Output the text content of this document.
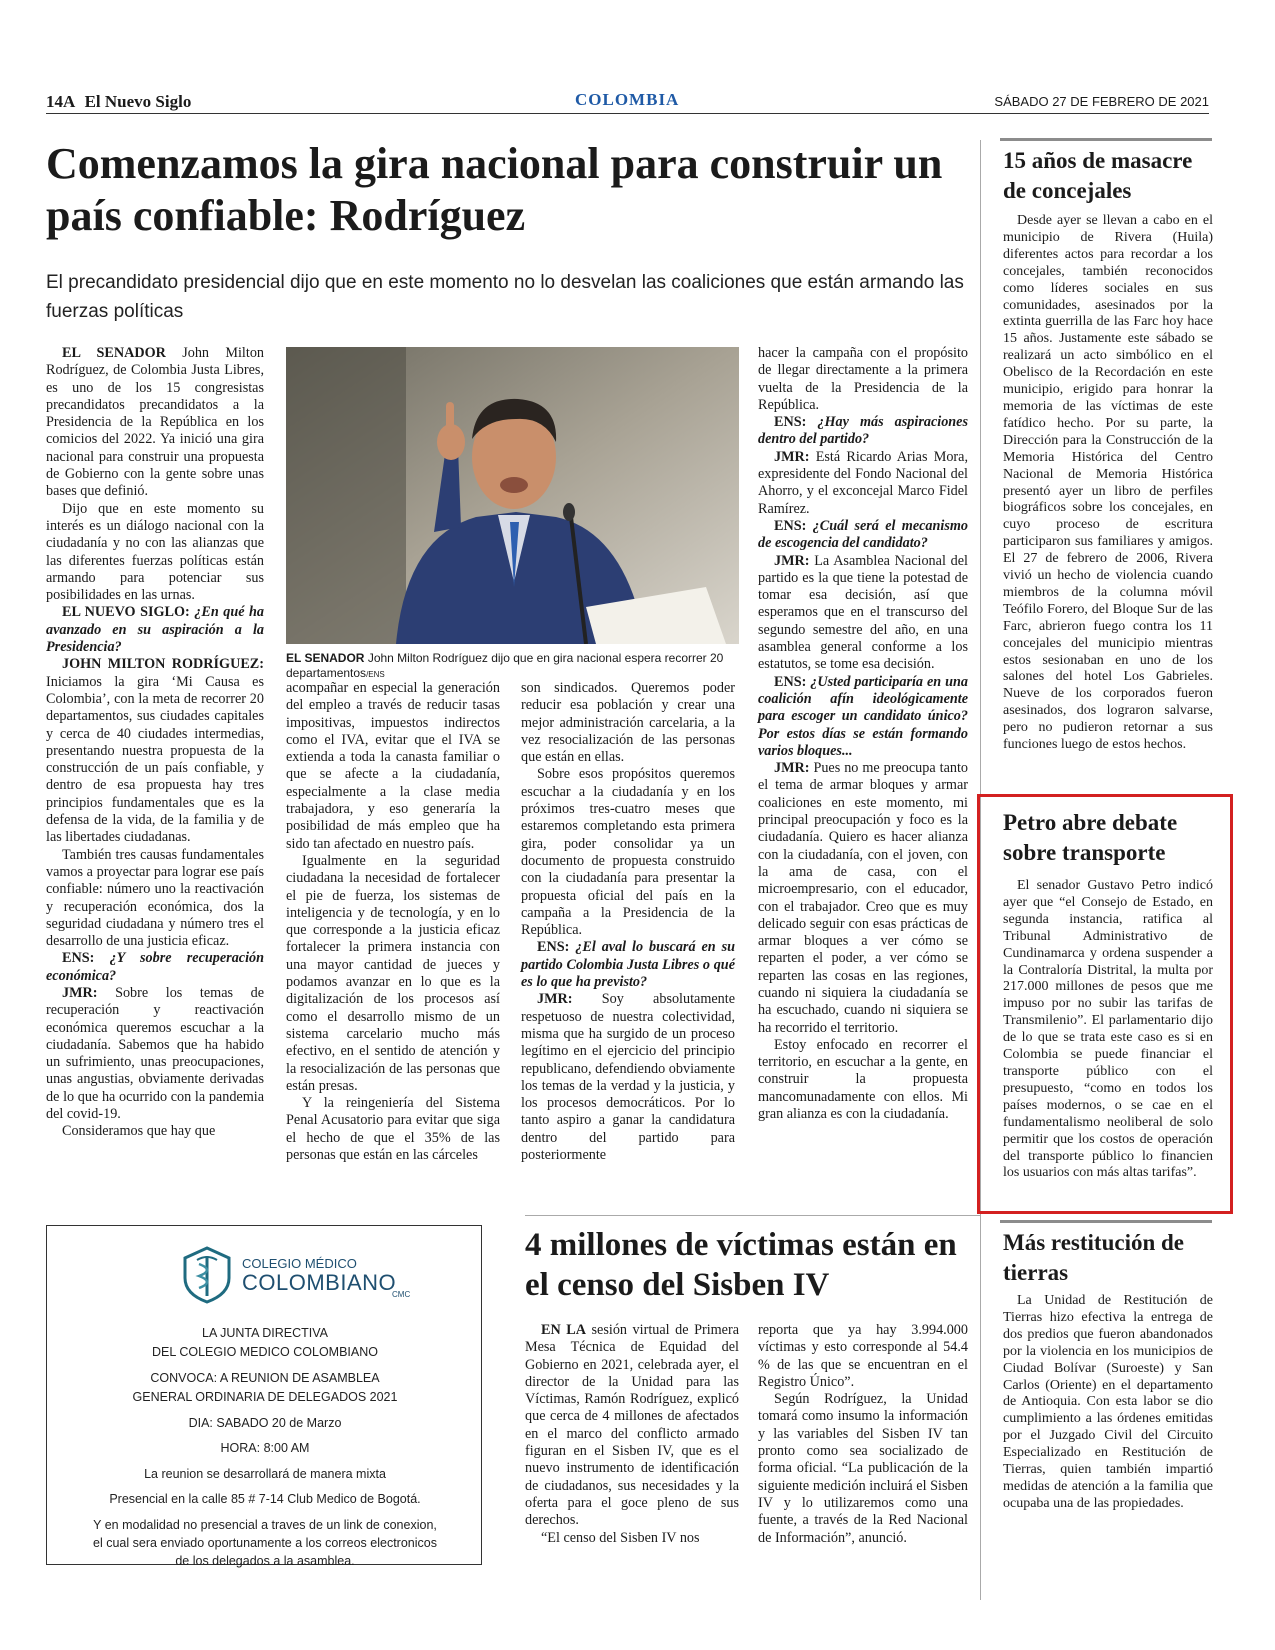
14A El Nuevo Siglo	COLOMBIA	SÁBADO 27 DE FEBRERO DE 2021
Comenzamos la gira nacional para construir un país confiable: Rodríguez
El precandidato presidencial dijo que en este momento no lo desvelan las coaliciones que están armando las fuerzas políticas

EL SENADOR John Milton Rodríguez, de Colombia Justa Libres, es uno de los 15 congresistas precandidatos precandidatos a la Presidencia de la República en los comicios del 2022. Ya inició una gira nacional para construir una propuesta de Gobierno con la gente sobre unas bases que definió.

Dijo que en este momento su interés es un diálogo nacional con la ciudadanía y no con las alianzas que las diferentes fuerzas políticas están armando para potenciar sus posibilidades en las urnas.

EL NUEVO SIGLO: ¿En qué ha avanzado en su aspiración a la Presidencia?

JOHN MILTON RODRÍGUEZ: Iniciamos la gira ‘Mi Causa es Colombia’, con la meta de recorrer 20 departamentos, sus ciudades capitales y cerca de 40 ciudades intermedias, presentando nuestra propuesta de la construcción de un país confiable, y dentro de esa propuesta hay tres principios fundamentales que es la defensa de la vida, de la familia y de las libertades ciudadanas.

También tres causas fundamentales vamos a proyectar para lograr ese país confiable: número uno la reactivación y recuperación económica, dos la seguridad ciudadana y número tres el desarrollo de una justicia eficaz.

ENS: ¿Y sobre recuperación económica?

JMR: Sobre los temas de recuperación y reactivación económica queremos escuchar a la ciudadanía. Sabemos que ha habido un sufrimiento, unas preocupaciones, unas angustias, obviamente derivadas de lo que ha ocurrido con la pandemia del covid-19.

Consideramos que hay que

EL SENADOR John Milton Rodríguez dijo que en gira nacional espera recorrer 20 departamentos/ENS

acompañar en especial la generación del empleo a través de reducir tasas impositivas, impuestos indirectos como el IVA, evitar que el IVA se extienda a toda la canasta familiar o que se afecte a la ciudadanía, especialmente a la clase media trabajadora, y eso generaría la posibilidad de más empleo que ha sido tan afectado en nuestro país.

Igualmente en la seguridad ciudadana la necesidad de fortalecer el pie de fuerza, los sistemas de inteligencia y de tecnología, y en lo que corresponde a la justicia eficaz fortalecer la primera instancia con una mayor cantidad de jueces y podamos avanzar en lo que es la digitalización de los procesos así como el desarrollo mismo de un sistema carcelario mucho más efectivo, en el sentido de atención y la resocialización de las personas que están presas.

Y la reingeniería del Sistema Penal Acusatorio para evitar que siga el hecho de que el 35% de las personas que están en las cárceles

son sindicados. Queremos poder reducir esa población y crear una mejor administración carcelaria, a la vez resocialización de las personas que están en ellas.

Sobre esos propósitos queremos escuchar a la ciudadanía y en los próximos tres-cuatro meses que estaremos completando esta primera gira, poder consolidar ya un documento de propuesta construido con la ciudadanía para presentar la propuesta oficial del país en la campaña a la Presidencia de la República.

ENS: ¿El aval lo buscará en su partido Colombia Justa Libres o qué es lo que ha previsto?

JMR: Soy absolutamente respetuoso de nuestra colectividad, misma que ha surgido de un proceso legítimo en el ejercicio del principio republicano, defendiendo obviamente los temas de la verdad y la justicia, y los procesos democráticos. Por lo tanto aspiro a ganar la candidatura dentro del partido para posteriormente

hacer la campaña con el propósito de llegar directamente a la primera vuelta de la Presidencia de la República.

ENS: ¿Hay más aspiraciones dentro del partido?

JMR: Está Ricardo Arias Mora, expresidente del Fondo Nacional del Ahorro, y el exconcejal Marco Fidel Ramírez.

ENS: ¿Cuál será el mecanismo de escogencia del candidato?

JMR: La Asamblea Nacional del partido es la que tiene la potestad de tomar esa decisión, así que esperamos que en el transcurso del segundo semestre del año, en una asamblea general conforme a los estatutos, se tome esa decisión.

ENS: ¿Usted participaría en una coalición afín ideológicamente para escoger un candidato único? Por estos días se están formando varios bloques...

JMR: Pues no me preocupa tanto el tema de armar bloques y armar coaliciones en este momento, mi principal preocupación y foco es la ciudadanía. Quiero es hacer alianza con la ciudadanía, con el joven, con la ama de casa, con el microempresario, con el educador, con el trabajador. Creo que es muy delicado seguir con esas prácticas de armar bloques a ver cómo se reparten el poder, a ver cómo se reparten las cosas en las regiones, cuando ni siquiera la ciudadanía se ha escuchado, cuando ni siquiera se ha recorrido el territorio.

Estoy enfocado en recorrer el territorio, en escuchar a la gente, en construir la propuesta mancomunadamente con ellos. Mi gran alianza es con la ciudadanía.

15 años de masacre de concejales

Desde ayer se llevan a cabo en el municipio de Rivera (Huila) diferentes actos para recordar a los concejales, también reconocidos como líderes sociales en sus comunidades, asesinados por la extinta guerrilla de las Farc hoy hace 15 años. Justamente este sábado se realizará un acto simbólico en el Obelisco de la Recordación en este municipio, erigido para honrar la memoria de las víctimas de este fatídico hecho. Por su parte, la Dirección para la Construcción de la Memoria Histórica del Centro Nacional de Memoria Histórica presentó ayer un libro de perfiles biográficos sobre los concejales, en cuyo proceso de escritura participaron sus familiares y amigos. El 27 de febrero de 2006, Rivera vivió un hecho de violencia cuando miembros de la columna móvil Teófilo Forero, del Bloque Sur de las Farc, abrieron fuego contra los 11 concejales del municipio mientras estos sesionaban en uno de los salones del hotel Los Gabrieles. Nueve de los corporados fueron asesinados, dos lograron salvarse, pero no pudieron retornar a sus funciones luego de estos hechos.

Petro abre debate sobre transporte

El senador Gustavo Petro indicó ayer que “el Consejo de Estado, en segunda instancia, ratifica al Tribunal Administrativo de Cundinamarca y ordena suspender a la Contraloría Distrital, la multa por 217.000 millones de pesos que me impuso por no subir las tarifas de Transmilenio”. El parlamentario dijo de lo que se trata este caso es si en Colombia se puede financiar el transporte público con el presupuesto, “como en todos los países modernos, o se cae en el fundamentalismo neoliberal de solo permitir que los costos de operación del transporte público lo financien los usuarios con más altas tarifas”.

Más restitución de tierras

La Unidad de Restitución de Tierras hizo efectiva la entrega de dos predios que fueron abandonados por la violencia en los municipios de Ciudad Bolívar (Suroeste) y San Carlos (Oriente) en el departamento de Antioquia. Con esta labor se dio cumplimiento a las órdenes emitidas por el Juzgado Civil del Circuito Especializado en Restitución de Tierras, quien también impartió medidas de atención a la familia que ocupaba una de las propiedades.

COLEGIO MÉDICO
COLOMBIANO
CMC
LA JUNTA DIRECTIVA
DEL COLEGIO MEDICO COLOMBIANO
CONVOCA: A REUNION DE ASAMBLEA
GENERAL ORDINARIA DE DELEGADOS 2021
DIA: SABADO 20 de Marzo
HORA: 8:00 AM
La reunion se desarrollará de manera mixta
Presencial en la calle 85 # 7-14 Club Medico de Bogotá.
Y en modalidad no presencial a traves de un link de conexion,
el cual sera enviado oportunamente a los correos electronicos
de los delegados a la asamblea.
4 millones de víctimas están en el censo del Sisben IV

EN LA sesión virtual de Primera Mesa Técnica de Equidad del Gobierno en 2021, celebrada ayer, el director de la Unidad para las Víctimas, Ramón Rodríguez, explicó que cerca de 4 millones de afectados en el marco del conflicto armado figuran en el Sisben IV, que es el nuevo instrumento de identificación de ciudadanos, sus necesidades y la oferta para el goce pleno de sus derechos.

“El censo del Sisben IV nos

reporta que ya hay 3.994.000 víctimas y esto corresponde al 54.4 % de las que se encuentran en el Registro Único”.

Según Rodríguez, la Unidad tomará como insumo la información y las variables del Sisben IV tan pronto como sea socializado de forma oficial. “La publicación de la siguiente medición incluirá el Sisben IV y lo utilizaremos como una fuente, a través de la Red Nacional de Información”, anunció.
